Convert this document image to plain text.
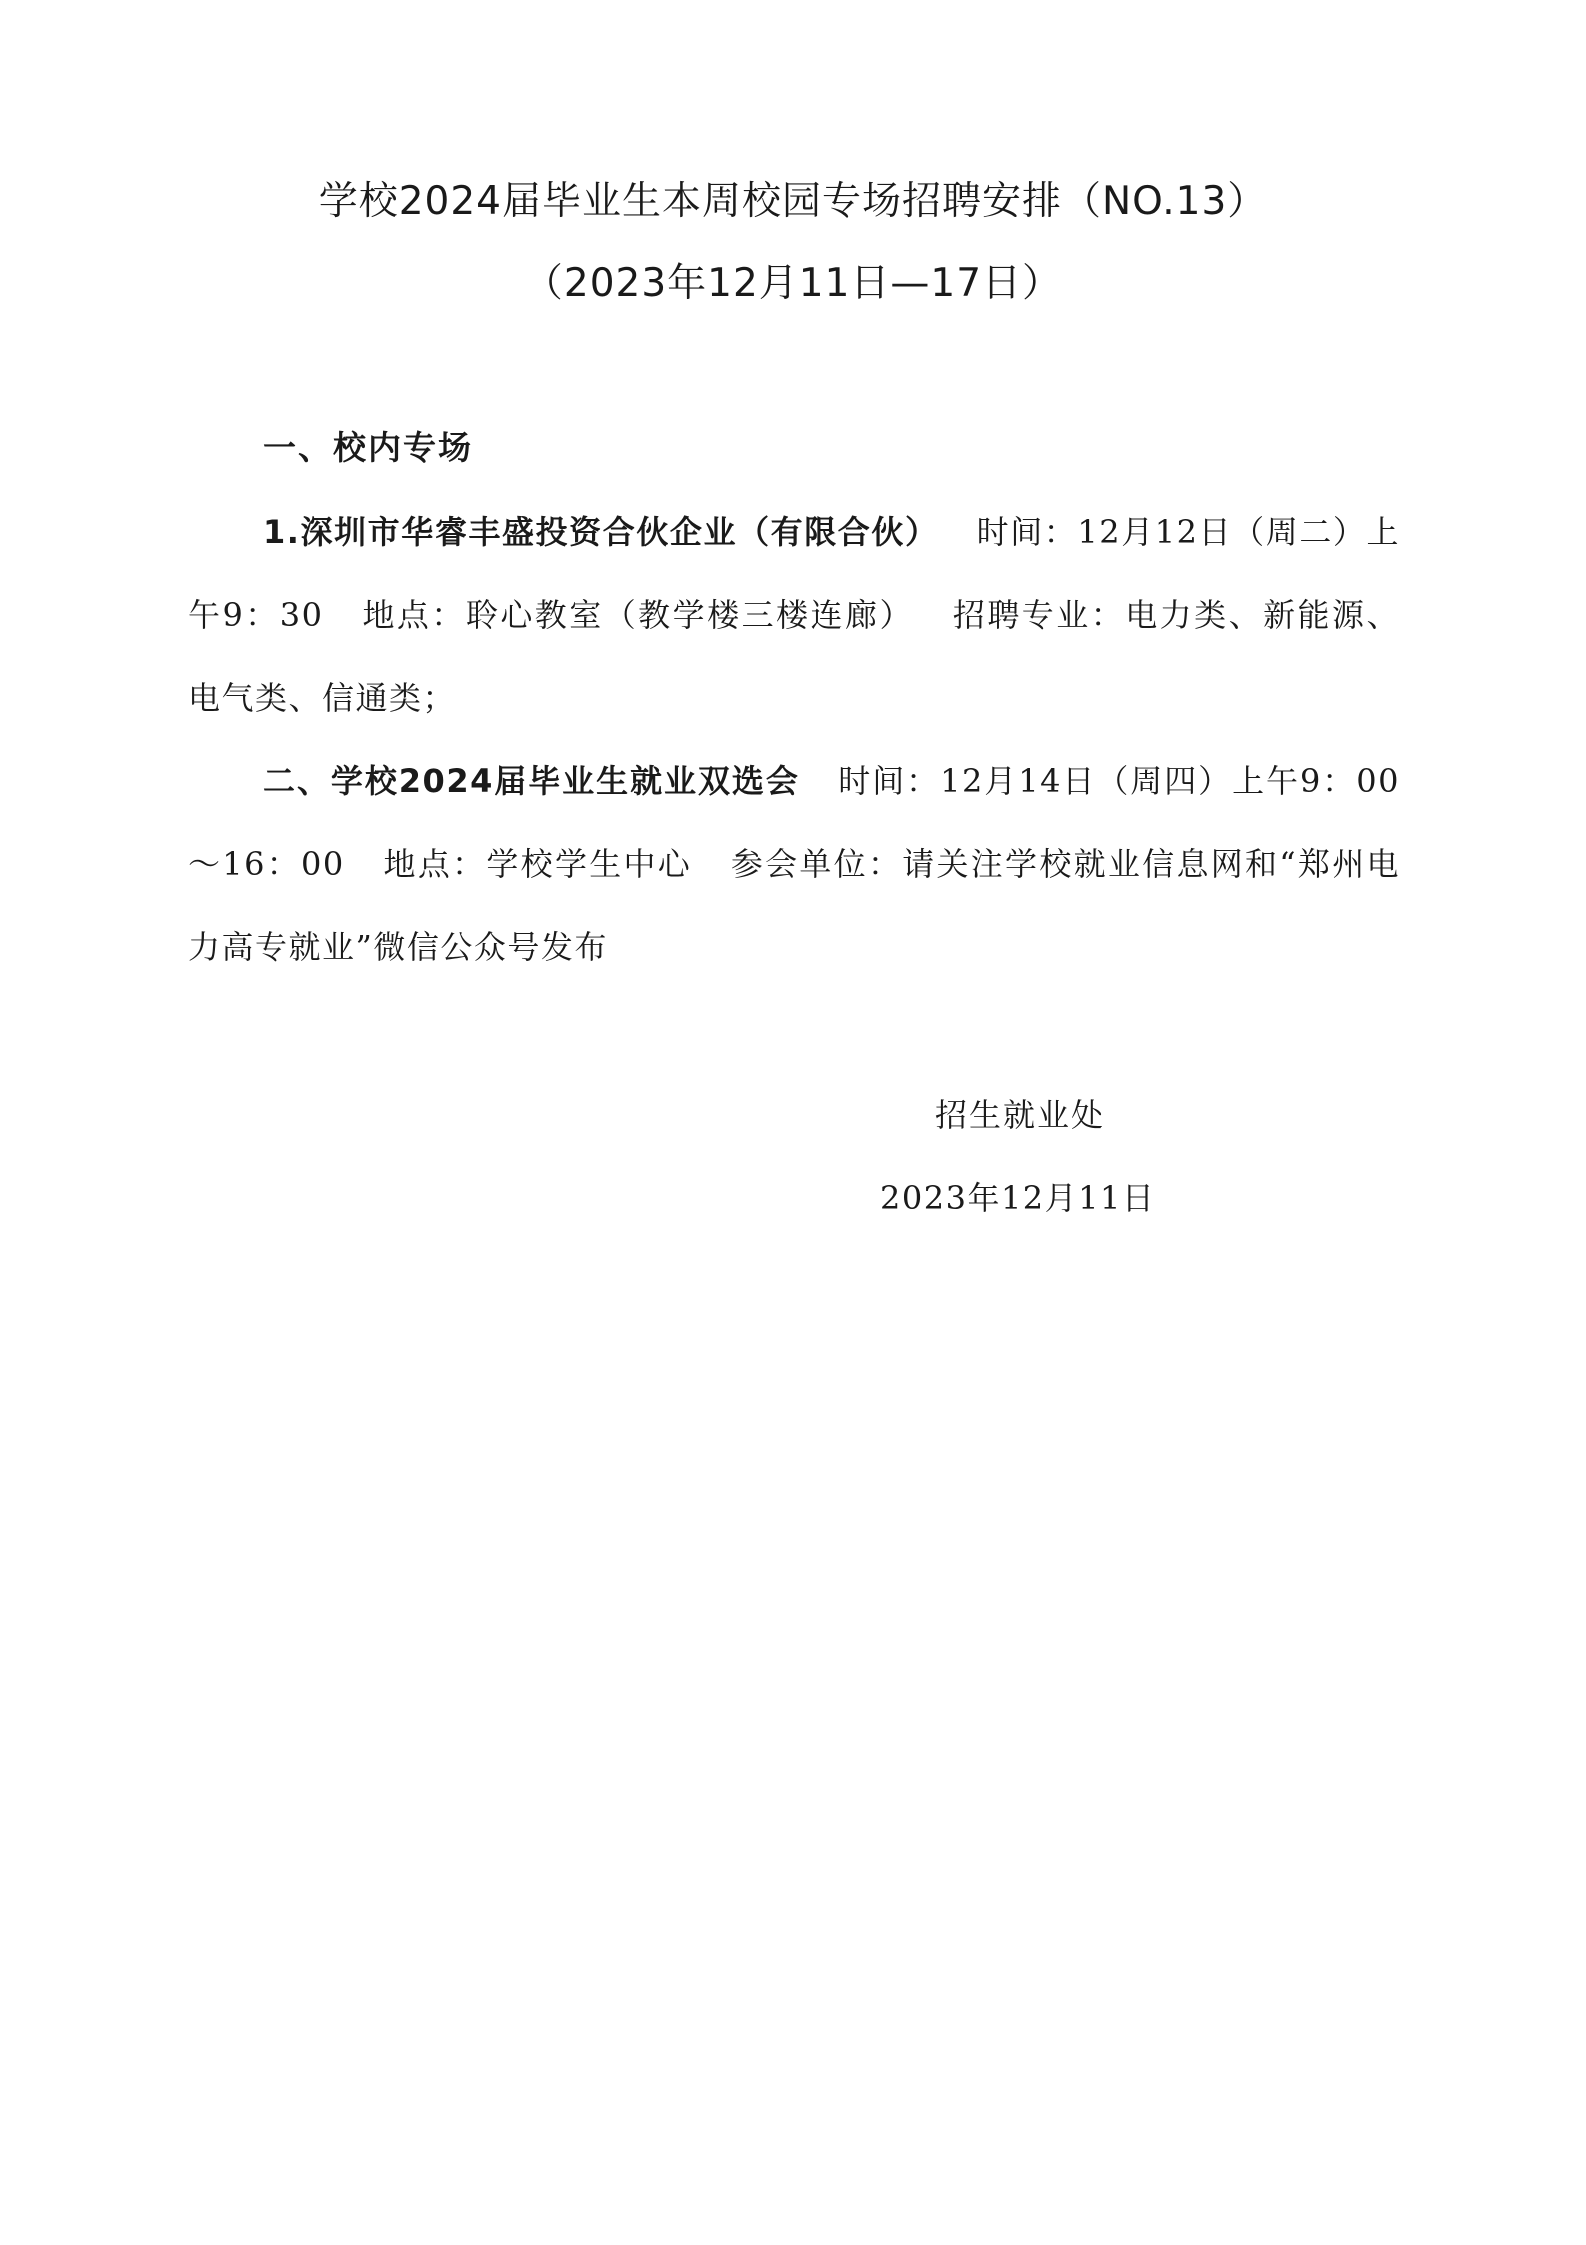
学校2024届毕业生本周校园专场招聘安排（NO.13）
（2023年12月11日—17日）
一、校内专场
1.深圳市华睿丰盛投资合伙企业（有限合伙） 时间：12月12日（周二）上午9：30 地点：聆心教室（教学楼三楼连廊） 招聘专业：电力类、新能源、电气类、信通类；
二、学校2024届毕业生就业双选会 时间：12月14日（周四）上午9：00～16：00 地点：学校学生中心 参会单位：请关注学校就业信息网和“郑州电力高专就业”微信公众号发布
招生就业处
2023年12月11日
